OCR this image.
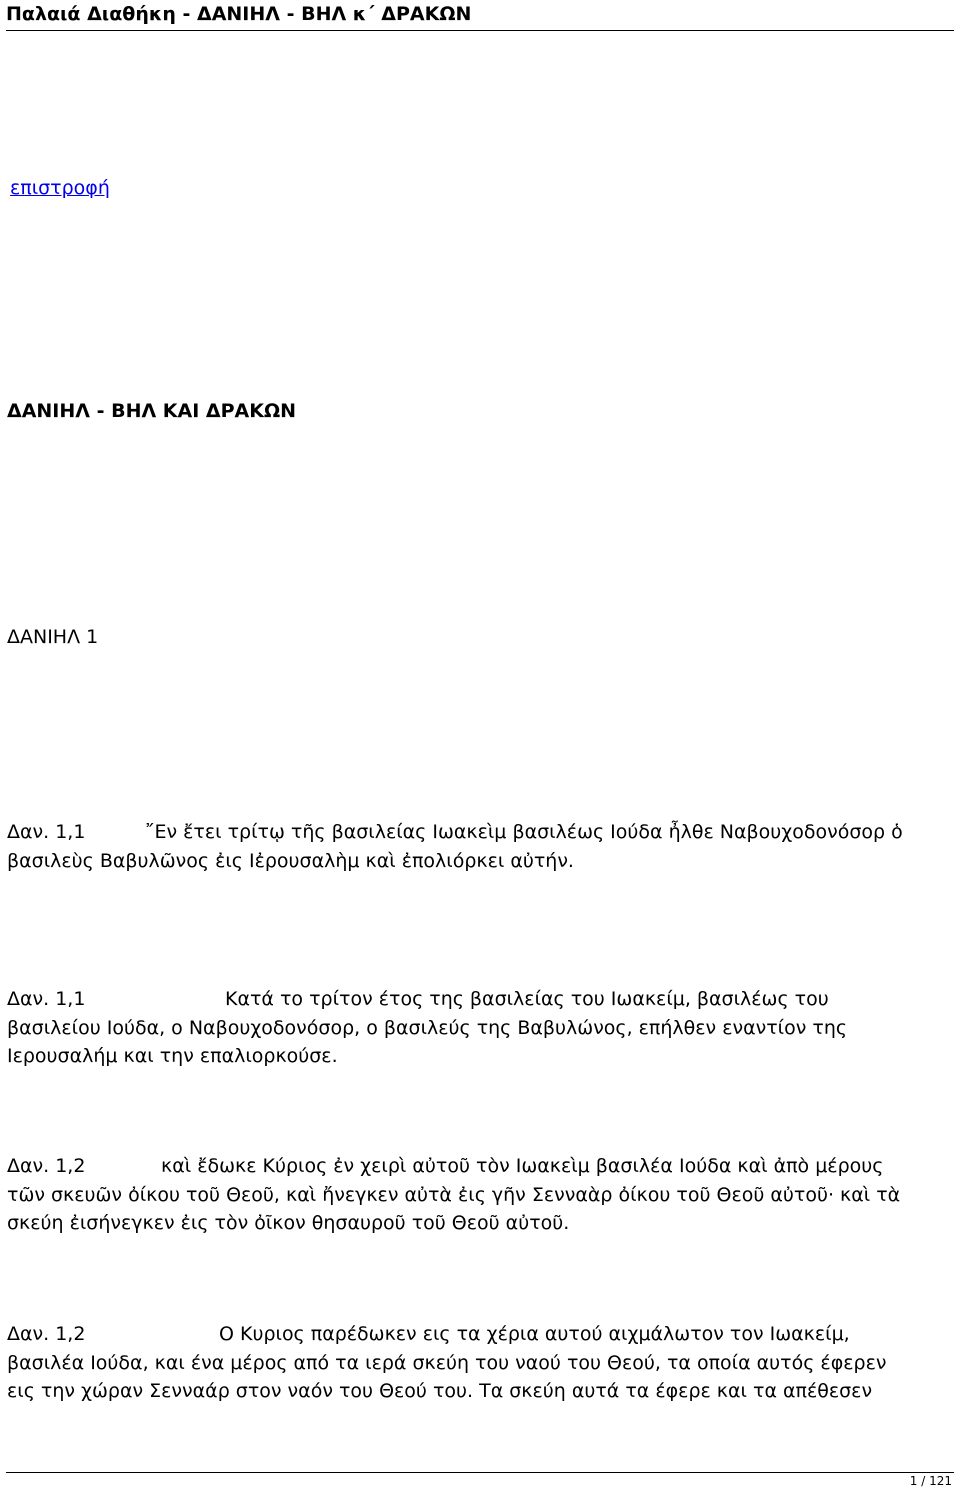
Παλαιά Διαθήκη - ΔΑΝΙΗΛ - ΒΗΛ κ΄ ΔΡΑΚΩΝ
επιστροφή
ΔΑΝΙΗΛ - ΒΗΛ ΚΑΙ ΔΡΑΚΩΝ
ΔΑΝΙΗΛ 1
Δαν. 1,1	῎Εν ἔτει τρίτῳ τῆς βασιλείας Ιωακεὶμ βασιλέως Ιούδα ἦλθε Ναβουχοδονόσορ ὁ
βασιλεὺς Βαβυλῶνος ἐις Ιἐρουσαλὴμ καὶ ἐπολιόρκει αὐτήν.
Δαν. 1,1	Κατά το τρίτον έτος της βασιλείας του Ιωακείμ, βασιλέως του
βασιλείου Ιούδα, ο Ναβουχοδονόσορ, ο βασιλεύς της Βαβυλώνος, επήλθεν εναντίον της
Ιερουσαλήμ και την επαλιορκούσε.
Δαν. 1,2	καὶ ἔδωκε Κύριος ἐν χειρὶ αὐτοῦ τὸν Ιωακεὶμ βασιλέα Ιούδα καὶ ἀπὸ μέρους
τῶν σκευῶν ὀίκου τοῦ Θεοῦ, καὶ ἤνεγκεν αὐτὰ ἐις γῆν Σενναὰρ ὀίκου τοῦ Θεοῦ αὐτοῦ· καὶ τὰ
σκεύη ἐισήνεγκεν ἐις τὸν ὀῖκον θησαυροῦ τοῦ Θεοῦ αὐτοῦ.
Δαν. 1,2	Ο Κυριος παρέδωκεν εις τα χέρια αυτού αιχμάλωτον τον Ιωακείμ,
βασιλέα Ιούδα, και ένα μέρος από τα ιερά σκεύη του ναού του Θεού, τα οποία αυτός έφερεν
εις την χώραν Σενναάρ στον ναόν του Θεού του. Τα σκεύη αυτά τα έφερε και τα απέθεσεν
1 / 121
